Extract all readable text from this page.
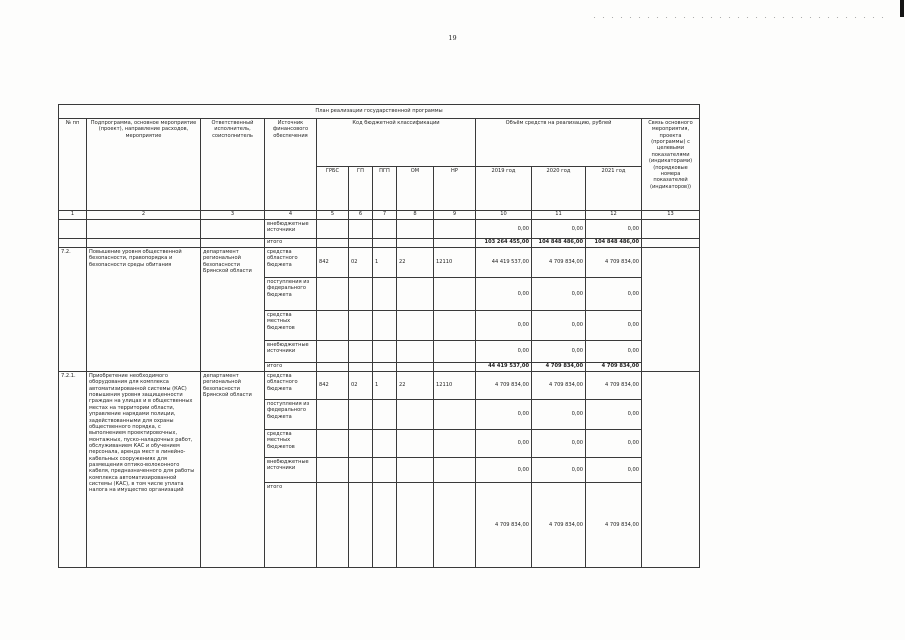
19
План реализации государственной программы												
№ пп	Подпрограмма, основное мероприятие (проект), направление расходов, мероприятие	Ответственный исполнитель, соисполнитель	Источник финансового обеспечения	Код бюджетной классификации					Объём средств на реализацию, рублей			Связь основного мероприятия, проекта (программы) с целевыми показателями (индикаторами) (порядковые номера показателей (индикаторов))
				ГРБС	ГП	ПГП	ОМ	НР	2019 год	2020 год	2021 год	
1	2	3	4	5	6	7	8	9	10	11	12	13
			внебюджетные источники						0,00	0,00	0,00	
			итого						103 264 455,00	104 848 486,00	104 848 486,00	
7.2.	Повышение уровня общественной безопасности, правопорядка и безопасности среды обитания	департамент региональной безопасности Брянской области	средства областного бюджета	842	02	1	22	12110	44 419 537,00	4 709 834,00	4 709 834,00	
			поступления из федерального бюджета						0,00	0,00	0,00	
			средства местных бюджетов						0,00	0,00	0,00	
			внебюджетные источники						0,00	0,00	0,00	
			итого						44 419 537,00	4 709 834,00	4 709 834,00	
7.2.1.	Приобретение необходимого оборудования для комплекса автоматизированной системы (КАС) повышения уровня защищенности граждан на улицах и в общественных местах на территории области, управление нарядами полиции, задействованными для охраны общественного порядка, с выполнением проектировочных, монтажных, пуско-наладочных работ, обслуживанием КАС и обучением персонала, аренда мест в линейно-кабельных сооружениях для размещения оптико-волоконного кабеля, предназначенного для работы комплекса автоматизированной системы (КАС), в том числе уплата налога на имущество организаций	департамент региональной безопасности Брянской области	средства областного бюджета	842	02	1	22	12110	4 709 834,00	4 709 834,00	4 709 834,00	
			поступления из федерального бюджета						0,00	0,00	0,00	
			средства местных бюджетов						0,00	0,00	0,00	
			внебюджетные источники						0,00	0,00	0,00	
			итого						4 709 834,00	4 709 834,00	4 709 834,00	
